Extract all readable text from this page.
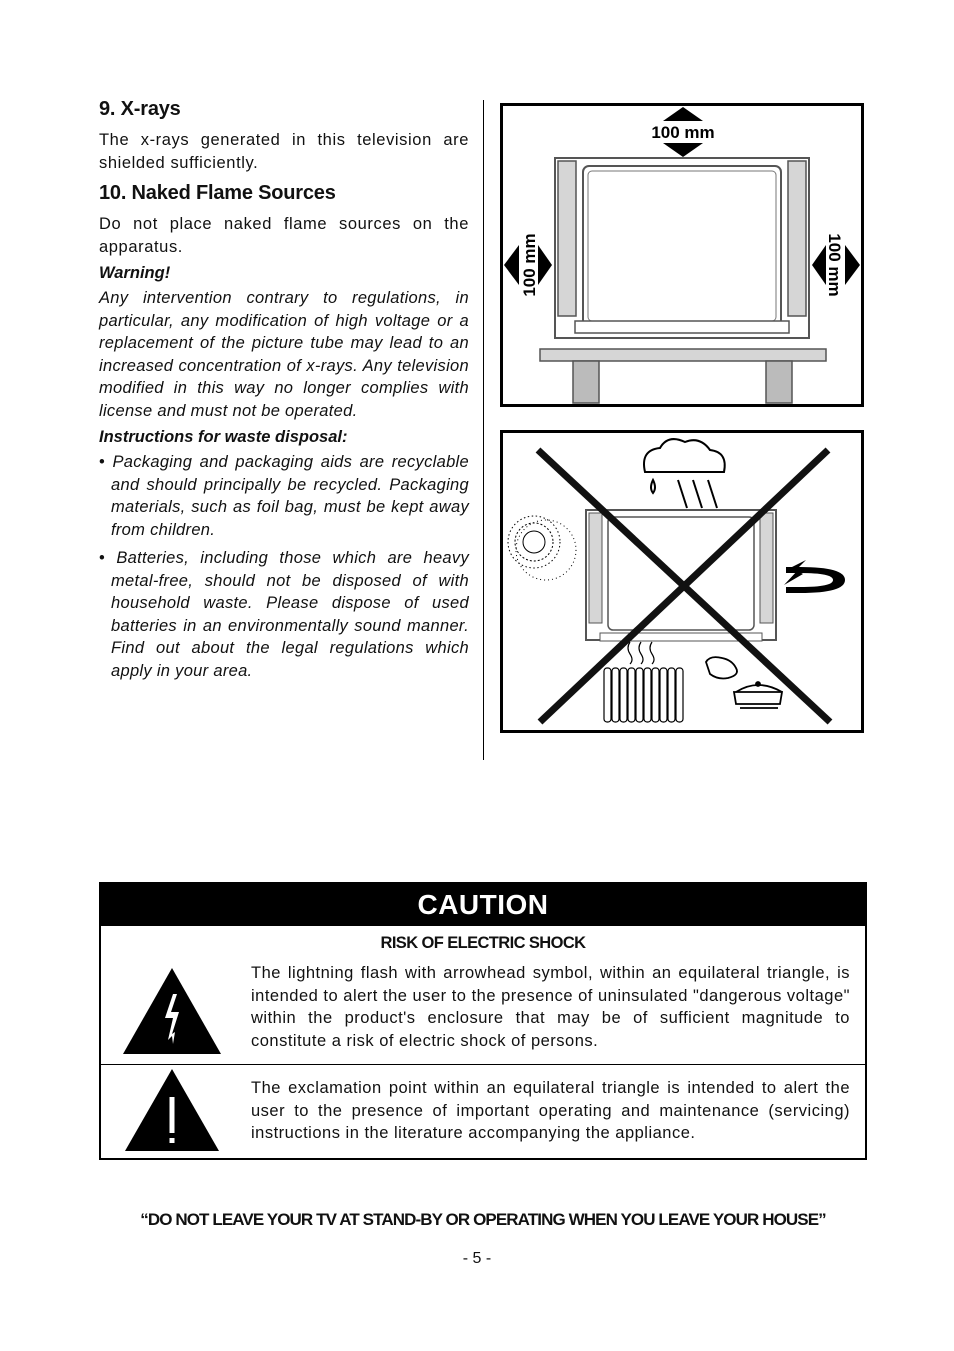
9. X-rays

The x-rays generated in this television are shielded sufficiently.

10. Naked Flame Sources

Do not place naked flame sources on the apparatus.

Warning!

Any intervention contrary to regulations, in particular, any modification of high voltage or a replacement of the picture tube may lead to an increased concentration of x-rays. Any television modified in this way no longer complies with license and must not be operated.

Instructions for waste disposal:

• Packaging and packaging aids are recyclable and should principally be recycled. Packaging materials, such as foil bag, must be kept away from children.
• Batteries, including those which are heavy metal-free, should not be disposed of with household waste. Please dispose of used batteries in an environmentally sound manner. Find out about the legal regulations which apply in your area.
100 mm
100 mm	100 mm
CAUTION
RISK OF ELECTRIC SHOCK
The lightning flash with arrowhead symbol, within an equilateral triangle, is intended to alert the user to the presence of uninsulated "dangerous voltage" within the product's enclosure that may be of sufficient magnitude to constitute a risk of electric shock of persons.
The exclamation point within an equilateral triangle is intended to alert the user to the presence of important operating and maintenance (servicing) instructions in the literature accompanying the appliance.
“DO NOT LEAVE YOUR TV AT STAND-BY OR OPERATING WHEN YOU LEAVE YOUR HOUSE”
- 5 -
